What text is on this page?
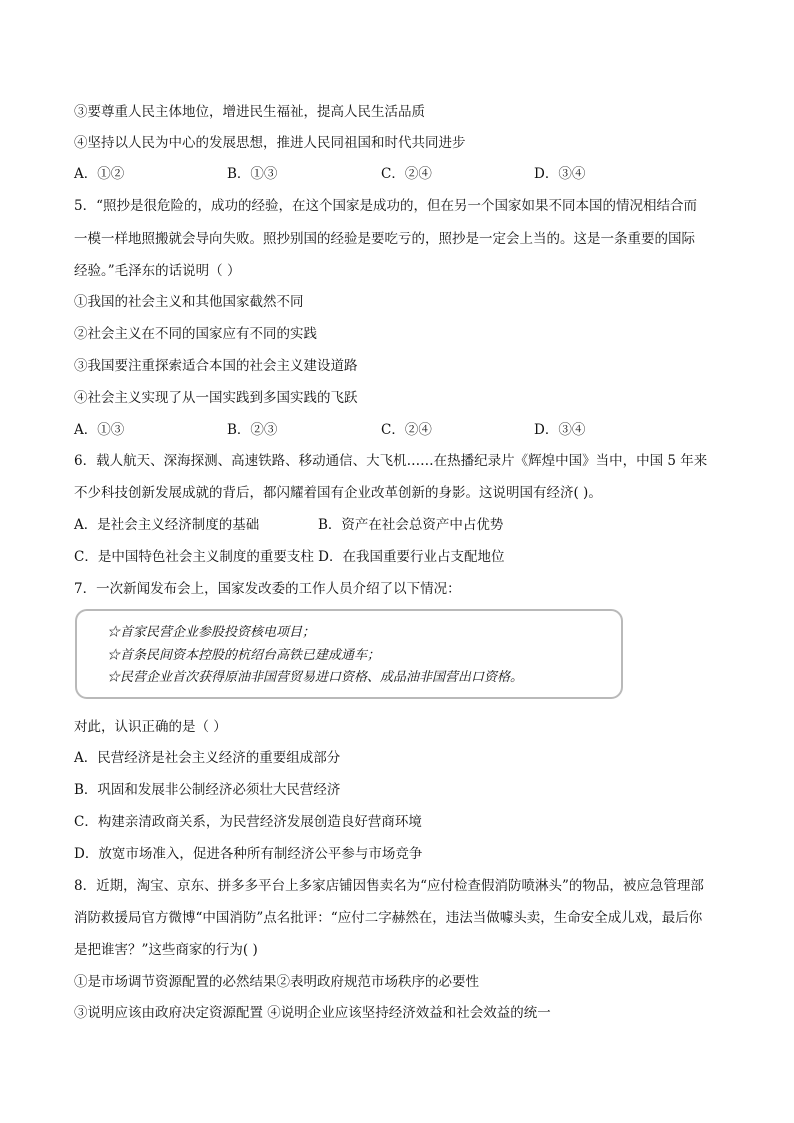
③要尊重人民主体地位，增进民生福祉，提高人民生活品质
④坚持以人民为中心的发展思想，推进人民同祖国和时代共同进步
A．①②	B．①③	C．②④	D．③④
5．“照抄是很危险的，成功的经验，在这个国家是成功的，但在另一个国家如果不同本国的情况相结合而
一模一样地照搬就会导向失败。照抄别国的经验是要吃亏的，照抄是一定会上当的。这是一条重要的国际
经验。”毛泽东的话说明（ ）
①我国的社会主义和其他国家截然不同
②社会主义在不同的国家应有不同的实践
③我国要注重探索适合本国的社会主义建设道路
④社会主义实现了从一国实践到多国实践的飞跃
A．①③	B．②③	C．②④	D．③④
6．载人航天、深海探测、高速铁路、移动通信、大飞机……在热播纪录片《辉煌中国》当中，中国 5 年来
不少科技创新发展成就的背后，都闪耀着国有企业改革创新的身影。这说明国有经济( )。
A．是社会主义经济制度的基础	B．资产在社会总资产中占优势
C．是中国特色社会主义制度的重要支柱 D．在我国重要行业占支配地位
7．一次新闻发布会上，国家发改委的工作人员介绍了以下情况：
☆首家民营企业参股投资核电项目；
☆首条民间资本控股的杭绍台高铁已建成通车；
☆民营企业首次获得原油非国营贸易进口资格、成品油非国营出口资格。
对此，认识正确的是（ ）
A．民营经济是社会主义经济的重要组成部分
B．巩固和发展非公制经济必须壮大民营经济
C．构建亲清政商关系，为民营经济发展创造良好营商环境
D．放宽市场准入，促进各种所有制经济公平参与市场竞争
8．近期，淘宝、京东、拼多多平台上多家店铺因售卖名为“应付检查假消防喷淋头”的物品，被应急管理部
消防救援局官方微博“中国消防”点名批评：“应付二字赫然在，违法当做噱头卖，生命安全成儿戏，最后你
是把谁害？”这些商家的行为( )
①是市场调节资源配置的必然结果②表明政府规范市场秩序的必要性
③说明应该由政府决定资源配置 ④说明企业应该坚持经济效益和社会效益的统一
